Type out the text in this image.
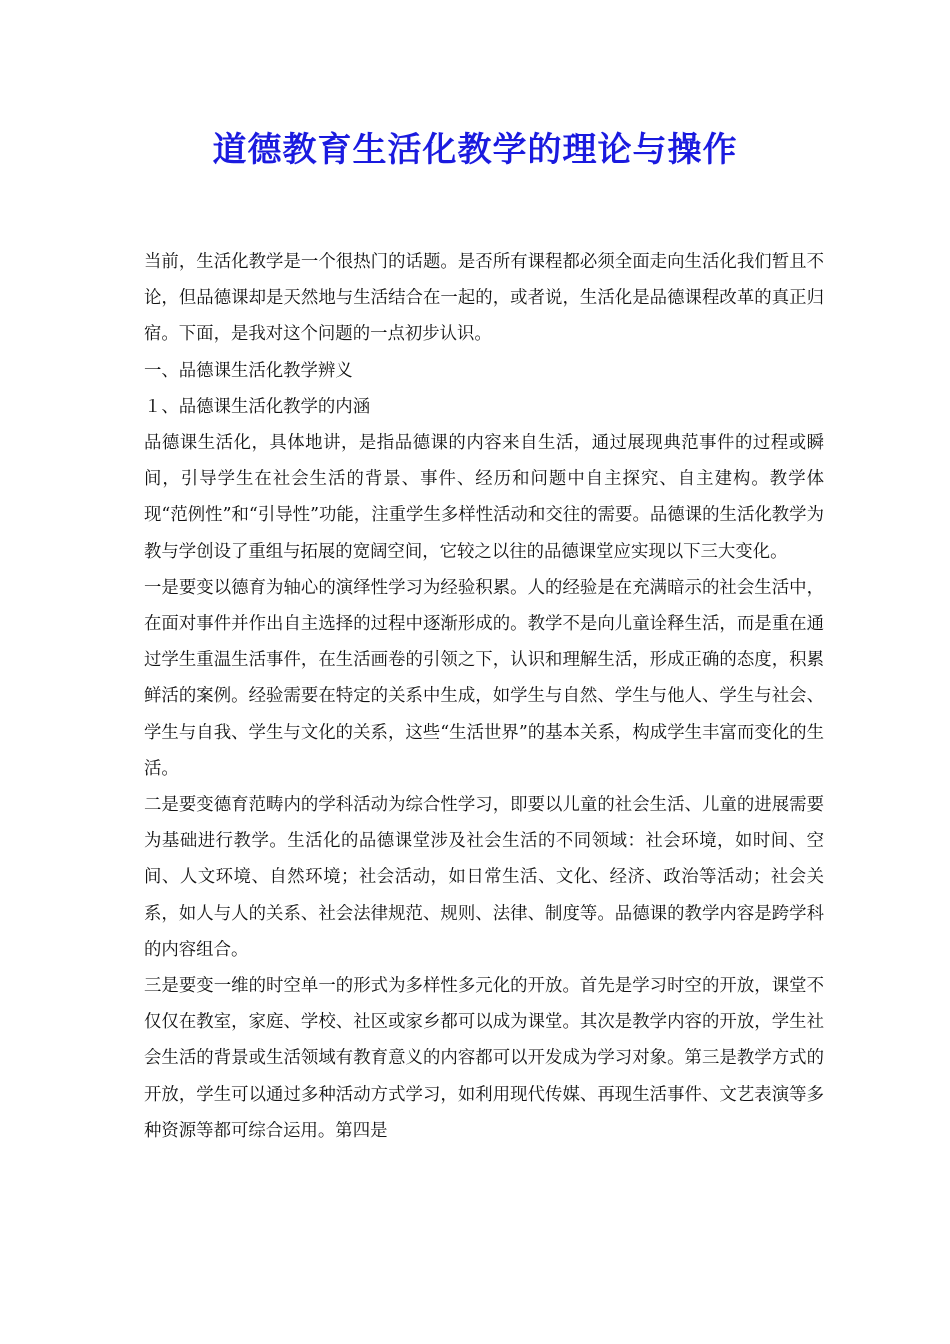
道德教育生活化教学的理论与操作

当前，生活化教学是一个很热门的话题。是否所有课程都必须全面走向生活化我们暂且不论，但品德课却是天然地与生活结合在一起的，或者说，生活化是品德课程改革的真正归宿。下面，是我对这个问题的一点初步认识。

一、品德课生活化教学辨义

１、品德课生活化教学的内涵

品德课生活化，具体地讲，是指品德课的内容来自生活，通过展现典范事件的过程或瞬间，引导学生在社会生活的背景、事件、经历和问题中自主探究、自主建构。教学体现“范例性”和“引导性”功能，注重学生多样性活动和交往的需要。品德课的生活化教学为教与学创设了重组与拓展的宽阔空间，它较之以往的品德课堂应实现以下三大变化。

一是要变以德育为轴心的演绎性学习为经验积累。人的经验是在充满暗示的社会生活中，在面对事件并作出自主选择的过程中逐渐形成的。教学不是向儿童诠释生活，而是重在通过学生重温生活事件，在生活画卷的引领之下，认识和理解生活，形成正确的态度，积累鲜活的案例。经验需要在特定的关系中生成，如学生与自然、学生与他人、学生与社会、学生与自我、学生与文化的关系，这些“生活世界”的基本关系，构成学生丰富而变化的生活。

二是要变德育范畴内的学科活动为综合性学习，即要以儿童的社会生活、儿童的进展需要为基础进行教学。生活化的品德课堂涉及社会生活的不同领域：社会环境，如时间、空间、人文环境、自然环境；社会活动，如日常生活、文化、经济、政治等活动；社会关系，如人与人的关系、社会法律规范、规则、法律、制度等。品德课的教学内容是跨学科的内容组合。

三是要变一维的时空单一的形式为多样性多元化的开放。首先是学习时空的开放，课堂不仅仅在教室，家庭、学校、社区或家乡都可以成为课堂。其次是教学内容的开放，学生社会生活的背景或生活领域有教育意义的内容都可以开发成为学习对象。第三是教学方式的开放，学生可以通过多种活动方式学习，如利用现代传媒、再现生活事件、文艺表演等多种资源等都可综合运用。第四是
